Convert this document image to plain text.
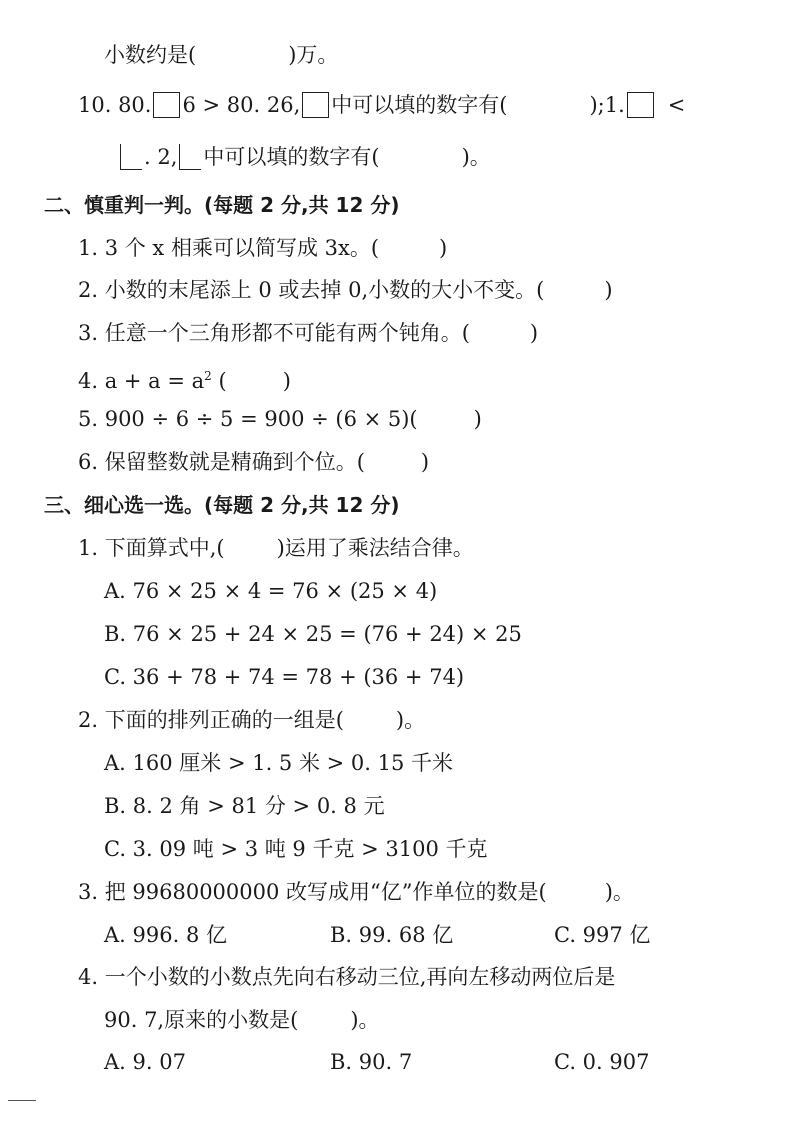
小数约是(	)万。
10. 80. 6 > 80. 26, 中可以填的数字有(	);1. <
. 2, 中可以填的数字有(	)。
二、慎重判一判。(每题 2 分,共 12 分)
1. 3 个 x 相乘可以简写成 3x。(	)
2. 小数的末尾添上 0 或去掉 0,小数的大小不变。(	)
3. 任意一个三角形都不可能有两个钝角。(	)
4. $a + a = a^2$ (	)
5. 900 ÷ 6 ÷ 5 = 900 ÷ (6 × 5)(	)
6. 保留整数就是精确到个位。(	)
三、细心选一选。(每题 2 分,共 12 分)
1. 下面算式中,( )运用了乘法结合律。
A. 76 × 25 × 4 = 76 × (25 × 4)
B. 76 × 25 + 24 × 25 = (76 + 24) × 25
C. 36 + 78 + 74 = 78 + (36 + 74)
2. 下面的排列正确的一组是( )。
A. 160 厘米 > 1. 5 米 > 0. 15 千米
B. 8. 2 角 > 81 分 > 0. 8 元
C. 3. 09 吨 > 3 吨 9 千克 > 3100 千克
3. 把 99680000000 改写成用“亿”作单位的数是(	)。
A. 996. 8 亿	B. 99. 68 亿	C. 997 亿
4. 一个小数的小数点先向右移动三位,再向左移动两位后是
90. 7,原来的小数是( )。
A. 9. 07	B. 90. 7	C. 0. 907
